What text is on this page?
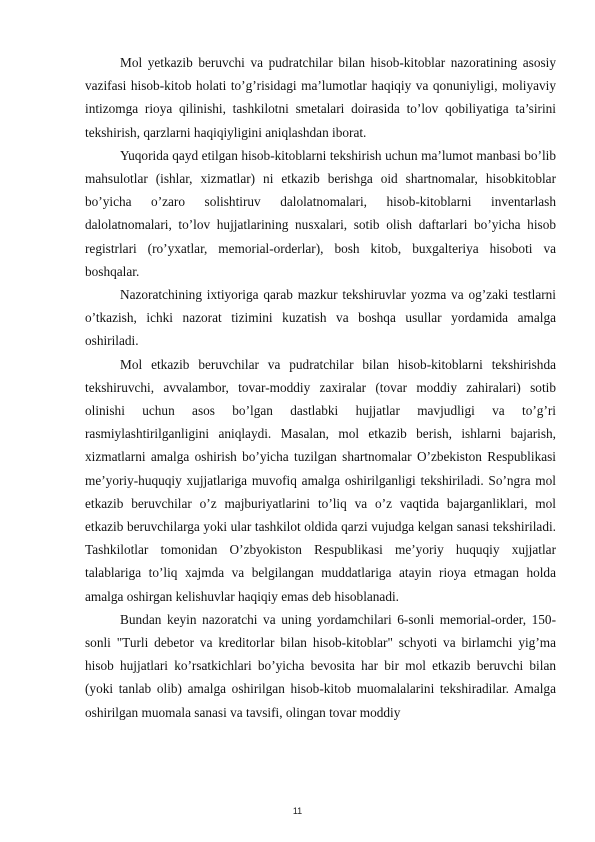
Mol yetkazib beruvchi va pudratchilar bilan hisob-kitoblar nazoratining asosiy vazifasi hisob-kitob holati to’g’risidagi ma’lumotlar haqiqiy va qonuniyligi, moliyaviy intizomga rioya qilinishi, tashkilotni smetalari doirasida to’lov qobiliyatiga ta’sirini tekshirish, qarzlarni haqiqiyligini aniqlashdan iborat.

Yuqorida qayd etilgan hisob-kitoblarni tekshirish uchun ma’lumot manbasi bo’lib mahsulotlar (ishlar, xizmatlar) ni etkazib berishga oid shartnomalar, hisobkitoblar bo’yicha o’zaro solishtiruv dalolatnomalari, hisob-kitoblarni inventarlash dalolatnomalari, to’lov hujjatlarining nusxalari, sotib olish daftarlari bo’yicha hisob registrlari (ro’yxatlar, memorial-orderlar), bosh kitob, buxgalteriya hisoboti va boshqalar.

Nazoratchining ixtiyoriga qarab mazkur tekshiruvlar yozma va og’zaki testlarni o’tkazish, ichki nazorat tizimini kuzatish va boshqa usullar yordamida amalga oshiriladi.

Mol etkazib beruvchilar va pudratchilar bilan hisob-kitoblarni tekshirishda tekshiruvchi, avvalambor, tovar-moddiy zaxiralar (tovar moddiy zahiralari) sotib olinishi uchun asos bo’lgan dastlabki hujjatlar mavjudligi va to’g’ri rasmiylashtirilganligini aniqlaydi. Masalan, mol etkazib berish, ishlarni bajarish, xizmatlarni amalga oshirish bo’yicha tuzilgan shartnomalar O’zbekiston Respublikasi me’yoriy-huquqiy xujjatlariga muvofiq amalga oshirilganligi tekshiriladi. So’ngra mol etkazib beruvchilar o’z majburiyatlarini to’liq va o’z vaqtida bajarganliklari, mol etkazib beruvchilarga yoki ular tashkilot oldida qarzi vujudga kelgan sanasi tekshiriladi. Tashkilotlar tomonidan O’zbyokiston Respublikasi me’yoriy huquqiy xujjatlar talablariga to’liq xajmda va belgilangan muddatlariga atayin rioya etmagan holda amalga oshirgan kelishuvlar haqiqiy emas deb hisoblanadi.

Bundan keyin nazoratchi va uning yordamchilari 6-sonli memorial-order, 150-sonli "Turli debetor va kreditorlar bilan hisob-kitoblar" schyoti va birlamchi yig’ma hisob hujjatlari ko’rsatkichlari bo’yicha bevosita har bir mol etkazib beruvchi bilan (yoki tanlab olib) amalga oshirilgan hisob-kitob muomalalarini tekshiradilar. Amalga oshirilgan muomala sanasi va tavsifi, olingan tovar moddiy

11
